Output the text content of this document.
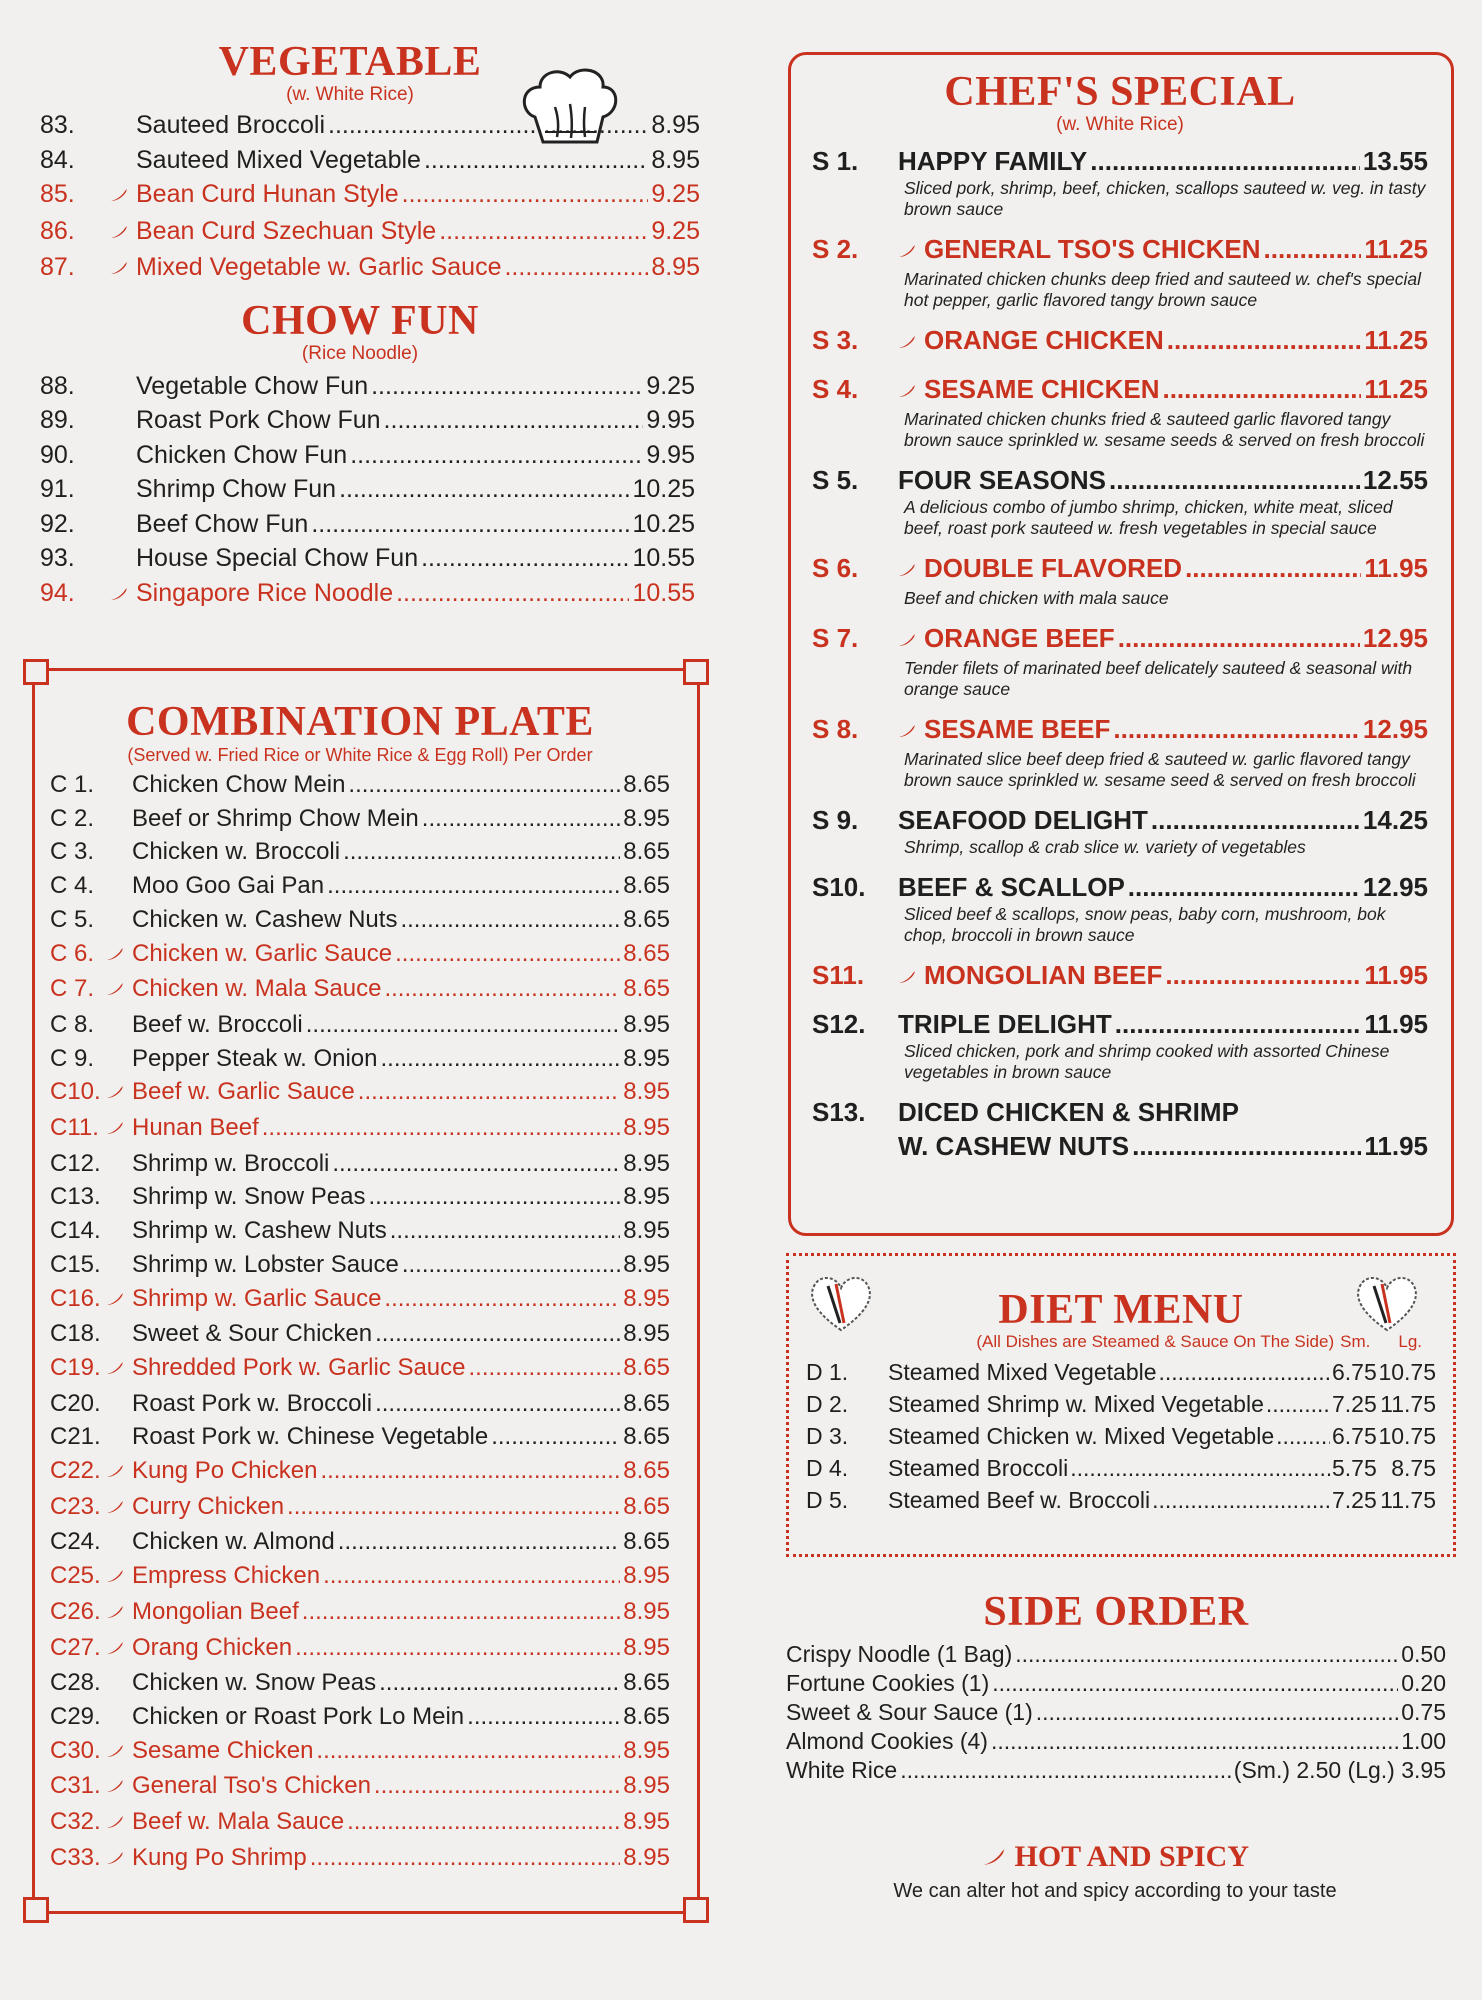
VEGETABLE
(w. White Rice)
83.	Sauteed Broccoli .....	8.95
84.	Sauteed Mixed Vegetable .....	8.95
85.	Bean Curd Hunan Style .....	9.25
86.	Bean Curd Szechuan Style .....	9.25
87.	Mixed Vegetable w. Garlic Sauce .....	8.95
CHOW FUN
(Rice Noodle)
88.	Vegetable Chow Fun .....	9.25
89.	Roast Pork Chow Fun .....	9.95
90.	Chicken Chow Fun .....	9.95
91.	Shrimp Chow Fun .....	10.25
92.	Beef Chow Fun .....	10.25
93.	House Special Chow Fun .....	10.55
94.	Singapore Rice Noodle .....	10.55
COMBINATION PLATE
(Served w. Fried Rice or White Rice & Egg Roll) Per Order
C 1.	Chicken Chow Mein .....	8.65
C 2.	Beef or Shrimp Chow Mein .....	8.95
C 3.	Chicken w. Broccoli .....	8.65
C 4.	Moo Goo Gai Pan .....	8.65
C 5.	Chicken w. Cashew Nuts .....	8.65
C 6.	Chicken w. Garlic Sauce .....	8.65
C 7.	Chicken w. Mala Sauce .....	8.65
C 8.	Beef w. Broccoli .....	8.95
C 9.	Pepper Steak w. Onion .....	8.95
C10. Beef w. Garlic Sauce .....	8.95
C11. Hunan Beef .....	8.95
C12. Shrimp w. Broccoli .....	8.95
C13. Shrimp w. Snow Peas .....	8.95
C14. Shrimp w. Cashew Nuts .....	8.95
C15. Shrimp w. Lobster Sauce .....	8.95
C16. Shrimp w. Garlic Sauce .....	8.95
C18. Sweet & Sour Chicken .....	8.95
C19. Shredded Pork w. Garlic Sauce .....	8.65
C20. Roast Pork w. Broccoli .....	8.65
C21. Roast Pork w. Chinese Vegetable .....	8.65
C22. Kung Po Chicken .....	8.65
C23. Curry Chicken .....	8.65
C24. Chicken w. Almond .....	8.65
C25. Empress Chicken .....	8.95
C26. Mongolian Beef .....	8.95
C27. Orang Chicken .....	8.95
C28. Chicken w. Snow Peas .....	8.65
C29. Chicken or Roast Pork Lo Mein .....	8.65
C30. Sesame Chicken .....	8.95
C31. General Tso's Chicken .....	8.95
C32. Beef w. Mala Sauce .....	8.95
C33. Kung Po Shrimp .....	8.95
CHEF'S SPECIAL
(w. White Rice)
S 1.	HAPPY FAMILY .....	13.55
Sliced pork, shrimp, beef, chicken, scallops sauteed w. veg. in tasty brown sauce
S 2.	GENERAL TSO'S CHICKEN .....	11.25
Marinated chicken chunks deep fried and sauteed w. chef's special hot pepper, garlic flavored tangy brown sauce
S 3.	ORANGE CHICKEN .....	11.25
S 4.	SESAME CHICKEN .....	11.25
Marinated chicken chunks fried & sauteed garlic flavored tangy brown sauce sprinkled w. sesame seeds & served on fresh broccoli
S 5.	FOUR SEASONS .....	12.55
A delicious combo of jumbo shrimp, chicken, white meat, sliced beef, roast pork sauteed w. fresh vegetables in special sauce
S 6.	DOUBLE FLAVORED .....	11.95
Beef and chicken with mala sauce
S 7.	ORANGE BEEF .....	12.95
Tender filets of marinated beef delicately sauteed & seasonal with orange sauce
S 8.	SESAME BEEF .....	12.95
Marinated slice beef deep fried & sauteed w. garlic flavored tangy brown sauce sprinkled w. sesame seed & served on fresh broccoli
S 9.	SEAFOOD DELIGHT .....	14.25
Shrimp, scallop & crab slice w. variety of vegetables
S10.	BEEF & SCALLOP .....	12.95
Sliced beef & scallops, snow peas, baby corn, mushroom, bok chop, broccoli in brown sauce
S11.	MONGOLIAN BEEF .....	11.95
S12.	TRIPLE DELIGHT .....	11.95
Sliced chicken, pork and shrimp cooked with assorted Chinese vegetables in brown sauce
S13.	DICED CHICKEN & SHRIMP
W. CASHEW NUTS .....	11.95
DIET MENU
(All Dishes are Steamed & Sauce On The Side) Sm. Lg.
D 1.	Steamed Mixed Vegetable .....	6.75 10.75
D 2.	Steamed Shrimp w. Mixed Vegetable .....	7.25 11.75
D 3.	Steamed Chicken w. Mixed Vegetable .....	6.75 10.75
D 4.	Steamed Broccoli .....	5.75 8.75
D 5.	Steamed Beef w. Broccoli .....	7.25 11.75
SIDE ORDER
Crispy Noodle (1 Bag) .....	0.50
Fortune Cookies (1) .....	0.20
Sweet & Sour Sauce (1) .....	0.75
Almond Cookies (4) .....	1.00
White Rice .....	(Sm.) 2.50 (Lg.) 3.95
HOT AND SPICY
We can alter hot and spicy according to your taste
